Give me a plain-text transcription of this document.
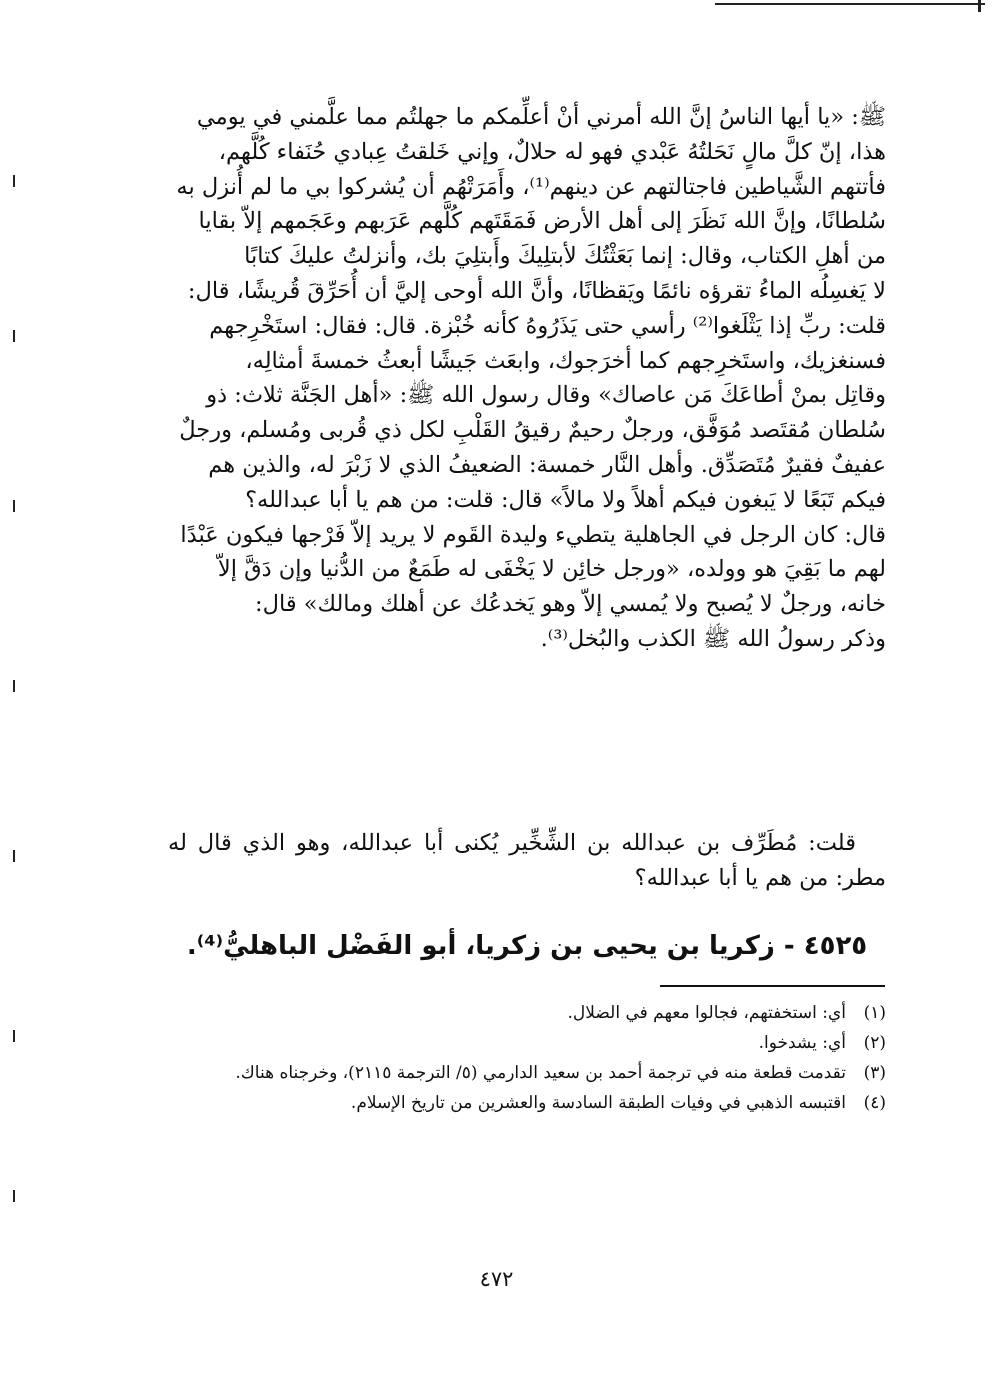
ﷺ: «يا أيها الناسُ إنَّ الله أمرني أنْ أعلِّمكم ما جهلتُم مما علَّمني في يومي

هذا، إنّ كلَّ مالٍ نَحَلتُهُ عَبْدي فهو له حلالٌ، وإني خَلقتُ عِبادي حُنَفاء كُلَّهم،

فأتتهم الشَّياطين فاجتالتهم عن دينهم⁽¹⁾، وأَمَرَتْهُم أن يُشركوا بي ما لم أُنزل به

سُلطانًا، وإنَّ الله نَظَرَ إلى أهل الأرض فَمَقَتَهم كُلَّهم عَرَبهم وعَجَمهم إلاّ بقايا

من أهلِ الكتاب، وقال: إنما بَعَثْتُكَ لأبتلِيكَ وأَبتلِيَ بك، وأنزلتُ عليكَ كتابًا

لا يَغسِلُه الماءُ تقرؤه نائمًا ويَقظانًا، وأنَّ الله أوحى إليَّ أن أُحَرِّقَ قُريشًا، قال:

قلت: ربِّ إذا يَثْلَغوا⁽²⁾ رأسي حتى يَذَرُوهُ كأنه خُبْزة. قال: فقال: استَخْرِجهم

فسنغزيك، واستَخرِجهم كما أخرَجوك، وابعَث جَيشًا أبعثُ خمسةَ أمثالِه،

وقاتِل بمنْ أطاعَكَ مَن عاصاك» وقال رسول الله ﷺ: «أهل الجَنَّة ثلاث: ذو

سُلطان مُقتَصد مُوَفَّق، ورجلٌ رحيمٌ رقيقُ القَلْبِ لكل ذي قُربى ومُسلم، ورجلٌ

عفيفٌ فقيرٌ مُتَصَدِّق. وأهل النَّار خمسة: الضعيفُ الذي لا زَبْرَ له، والذين هم

فيكم تَبَعًا لا يَبغون فيكم أهلاً ولا مالاً» قال: قلت: من هم يا أبا عبدالله؟

قال: كان الرجل في الجاهلية يتطيء وليدة القَوم لا يريد إلاّ فَرْجها فيكون عَبْدًا

لهم ما بَقِيَ هو وولده، «ورجل خائِن لا يَخْفَى له طَمَعٌ من الدُّنيا وإن دَقَّ إلاّ

خانه، ورجلٌ لا يُصبح ولا يُمسي إلاّ وهو يَخدعُك عن أهلك ومالك» قال:

وذكر رسولُ الله ﷺ الكذب والبُخل⁽³⁾.

قلت: مُطَرِّف بن عبدالله بن الشِّخِّير يُكنى أبا عبدالله، وهو الذي قال له مطر: من هم يا أبا عبدالله؟

٤٥٢٥ - زكريا بن يحيى بن زكريا، أبو الفَضْل الباهليُّ⁽⁴⁾.
(١)
أي: استخفتهم، فجالوا معهم في الضلال.
(٢)
أي: يشدخوا.
(٣)
تقدمت قطعة منه في ترجمة أحمد بن سعيد الدارمي (٥/ الترجمة ٢١١٥)، وخرجناه هناك.
(٤)
اقتبسه الذهبي في وفيات الطبقة السادسة والعشرين من تاريخ الإسلام.
٤٧٢
